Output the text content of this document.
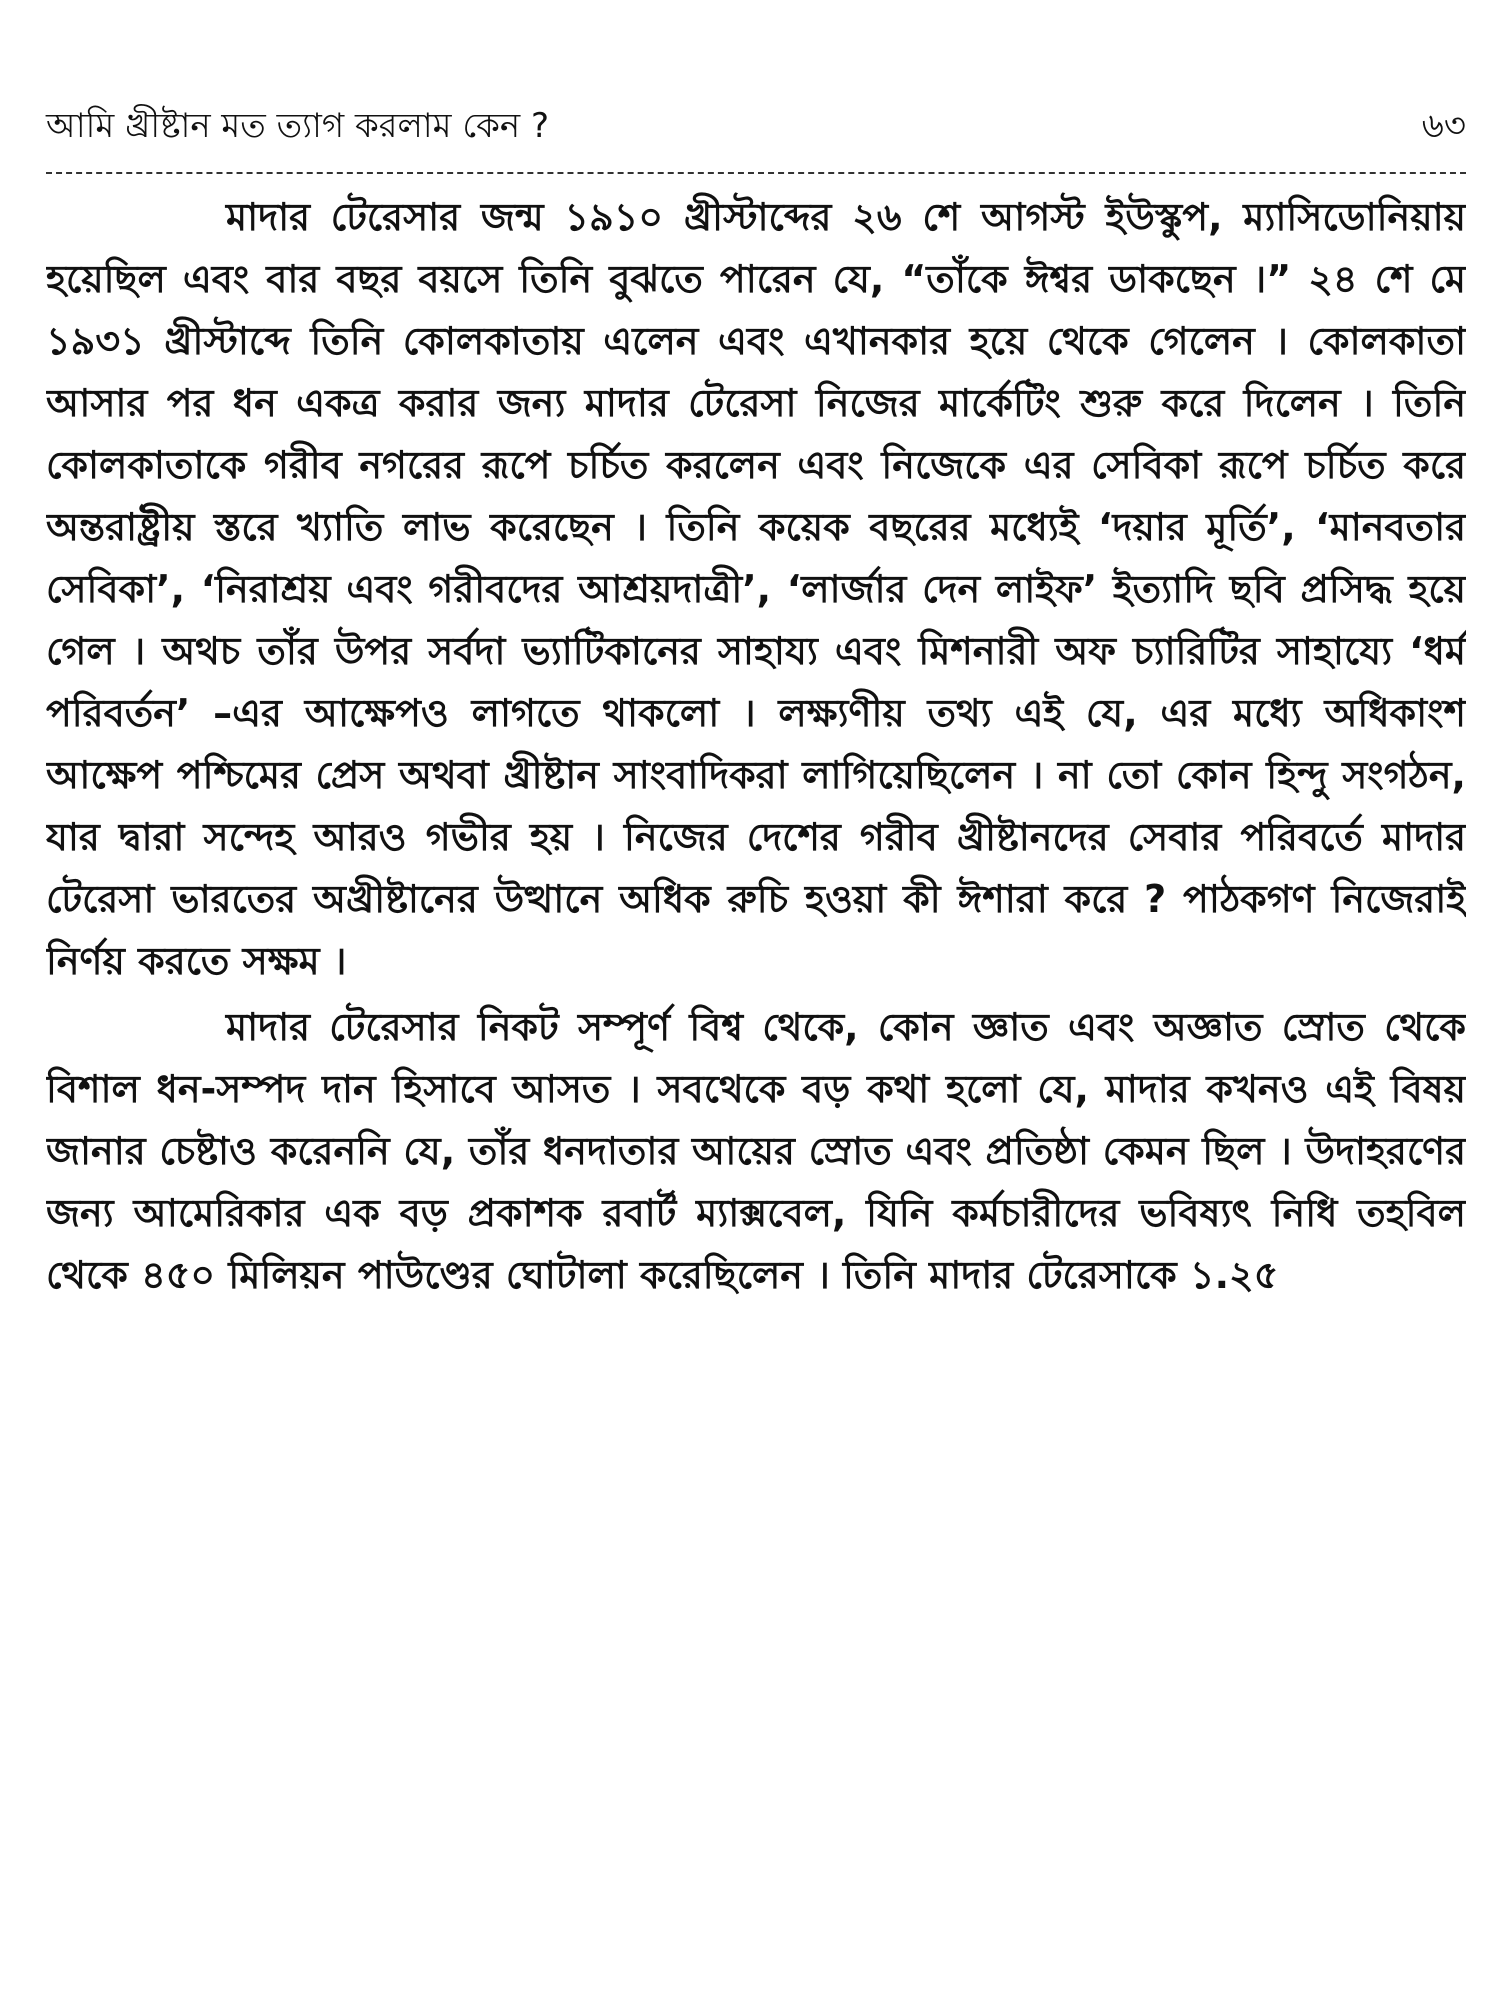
আমি খ্রীষ্টান মত ত্যাগ করলাম কেন ?	৬৩

মাদার টেরেসার জন্ম ১৯১০ খ্রীস্টাব্দের ২৬ শে আগস্ট ইউস্কুপ, ম্যাসিডোনিয়ায় হয়েছিল এবং বার বছর বয়সে তিনি বুঝতে পারেন যে, “তাঁকে ঈশ্বর ডাকছেন ।” ২৪ শে মে ১৯৩১ খ্রীস্টাব্দে তিনি কোলকাতায় এলেন এবং এখানকার হয়ে থেকে গেলেন । কোলকাতা আসার পর ধন একত্র করার জন্য মাদার টেরেসা নিজের মার্কেটিং শুরু করে দিলেন । তিনি কোলকাতাকে গরীব নগরের রূপে চর্চিত করলেন এবং নিজেকে এর সেবিকা রূপে চর্চিত করে অন্তরাষ্ট্রীয় স্তরে খ্যাতি লাভ করেছেন । তিনি কয়েক বছরের মধ্যেই ‘দয়ার মূর্তি’, ‘মানবতার সেবিকা’, ‘নিরাশ্রয় এবং গরীবদের আশ্রয়দাত্রী’, ‘লার্জার দেন লাইফ’ ইত্যাদি ছবি প্রসিদ্ধ হয়ে গেল । অথচ তাঁর উপর সর্বদা ভ্যাটিকানের সাহায্য এবং মিশনারী অফ চ্যারিটির সাহায্যে ‘ধর্ম পরিবর্তন’ –এর আক্ষেপও লাগতে থাকলো । লক্ষ্যণীয় তথ্য এই যে, এর মধ্যে অধিকাংশ আক্ষেপ পশ্চিমের প্রেস অথবা খ্রীষ্টান সাংবাদিকরা লাগিয়েছিলেন । না তো কোন হিন্দু সংগঠন, যার দ্বারা সন্দেহ আরও গভীর হয় । নিজের দেশের গরীব খ্রীষ্টানদের সেবার পরিবর্তে মাদার টেরেসা ভারতের অখ্রীষ্টানের উত্থানে অধিক রুচি হওয়া কী ঈশারা করে ? পাঠকগণ নিজেরাই নির্ণয় করতে সক্ষম ।

মাদার টেরেসার নিকট সম্পূর্ণ বিশ্ব থেকে, কোন জ্ঞাত এবং অজ্ঞাত স্রোত থেকে বিশাল ধন-সম্পদ দান হিসাবে আসত । সবথেকে বড় কথা হলো যে, মাদার কখনও এই বিষয় জানার চেষ্টাও করেননি যে, তাঁর ধনদাতার আয়ের স্রোত এবং প্রতিষ্ঠা কেমন ছিল । উদাহরণের জন্য আমেরিকার এক বড় প্রকাশক রবার্ট ম্যাক্সবেল, যিনি কর্মচারীদের ভবিষ্যৎ নিধি তহবিল থেকে ৪৫০ মিলিয়ন পাউণ্ডের ঘোটালা করেছিলেন । তিনি মাদার টেরেসাকে ১.২৫
